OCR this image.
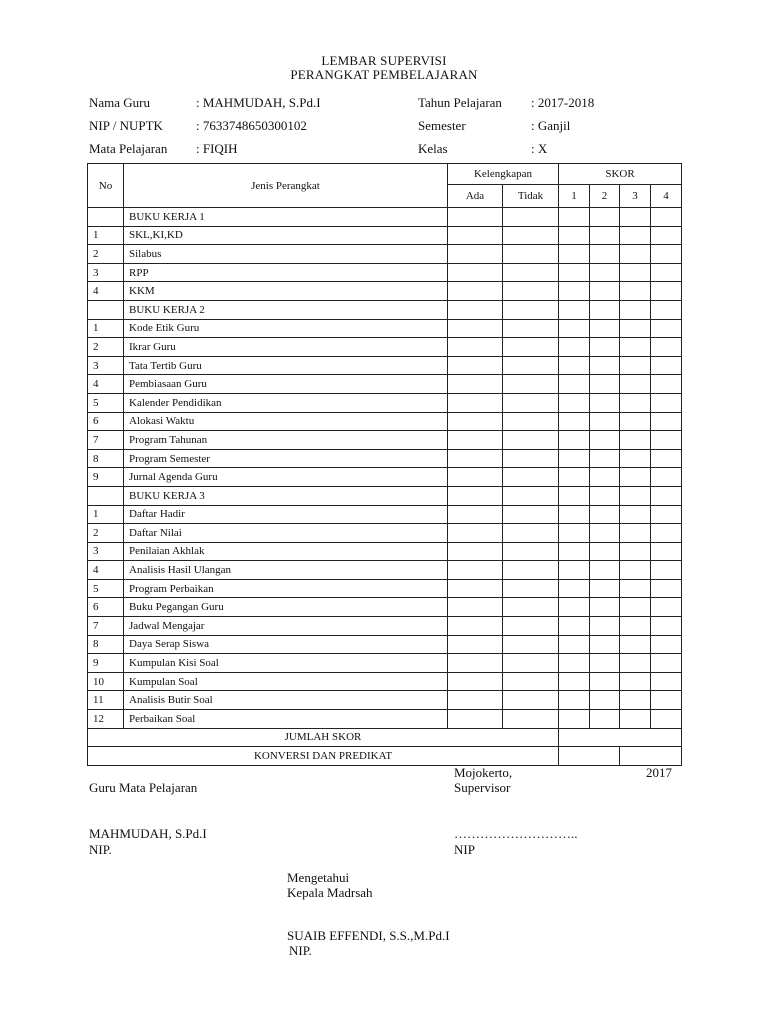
LEMBAR SUPERVISI
PERANGKAT PEMBELAJARAN
Nama Guru	: MAHMUDAH, S.Pd.I
NIP / NUPTK	: 7633748650300102
Mata Pelajaran : FIQIH
Tahun Pelajaran : 2017-2018
Semester	: Ganjil
Kelas	: X
No	Jenis Perangkat	Kelengkapan		SKOR			
		Ada	Tidak	1	2	3	4
	BUKU KERJA 1						
1	SKL,KI,KD						
2	Silabus						
3	RPP						
4	KKM						
	BUKU KERJA 2						
1	Kode Etik Guru						
2	Ikrar Guru						
3	Tata Tertib Guru						
4	Pembiasaan Guru						
5	Kalender Pendidikan						
6	Alokasi Waktu						
7	Program Tahunan						
8	Program Semester						
9	Jurnal Agenda Guru						
	BUKU KERJA 3						
1	Daftar Hadir						
2	Daftar Nilai						
3	Penilaian Akhlak						
4	Analisis Hasil Ulangan						
5	Program Perbaikan						
6	Buku Pegangan Guru						
7	Jadwal Mengajar						
8	Daya Serap Siswa						
9	Kumpulan Kisi Soal						
10	Kumpulan Soal						
11	Analisis Butir Soal						
12	Perbaikan Soal						
JUMLAH SKOR							
KONVERSI DAN PREDIKAT							
Mojokerto,	2017
Guru Mata Pelajaran	Supervisor
MAHMUDAH, S.Pd.I	………………………..
NIP.	NIP
Mengetahui
Kepala Madrsah
SUAIB EFFENDI, S.S.,M.Pd.I
NIP.
